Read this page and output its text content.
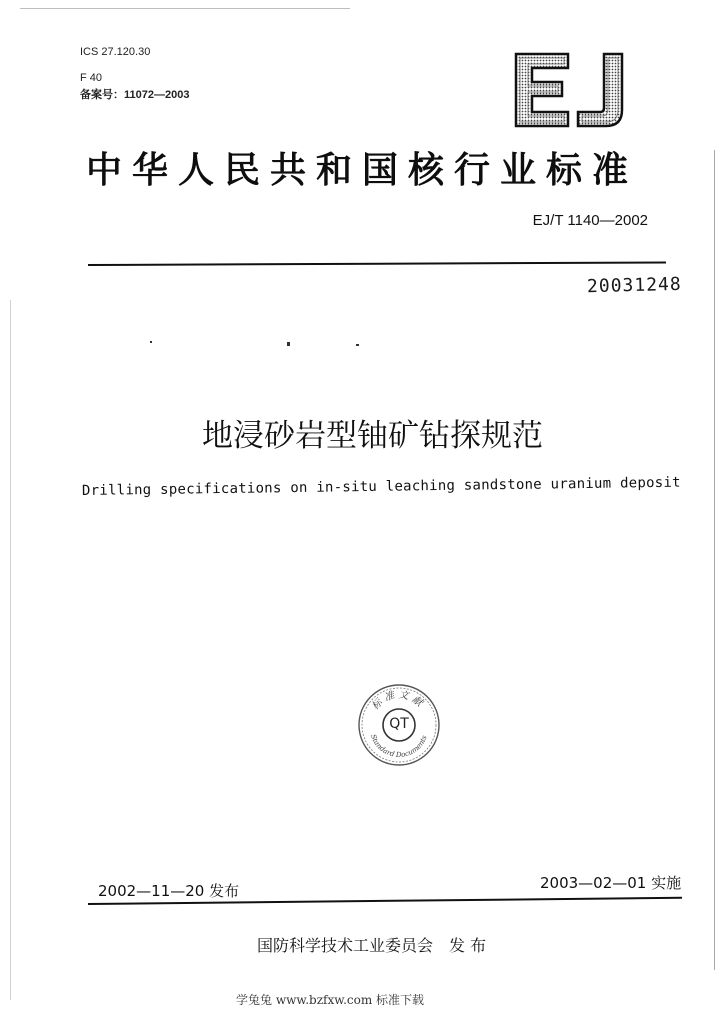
ICS 27.120.30
F 40
备案号：11072—2003
中华人民共和国核行业标准
EJ/T 1140—2002
20031248
地浸砂岩型铀矿钻探规范
Drilling specifications on in-situ leaching sandstone uranium deposit
标 准 文 献
Standard Documents
QT
2002—11—20 发布	2003—02—01 实施
国防科学技术工业委员会　发 布
学兔兔 www.bzfxw.com 标准下载
